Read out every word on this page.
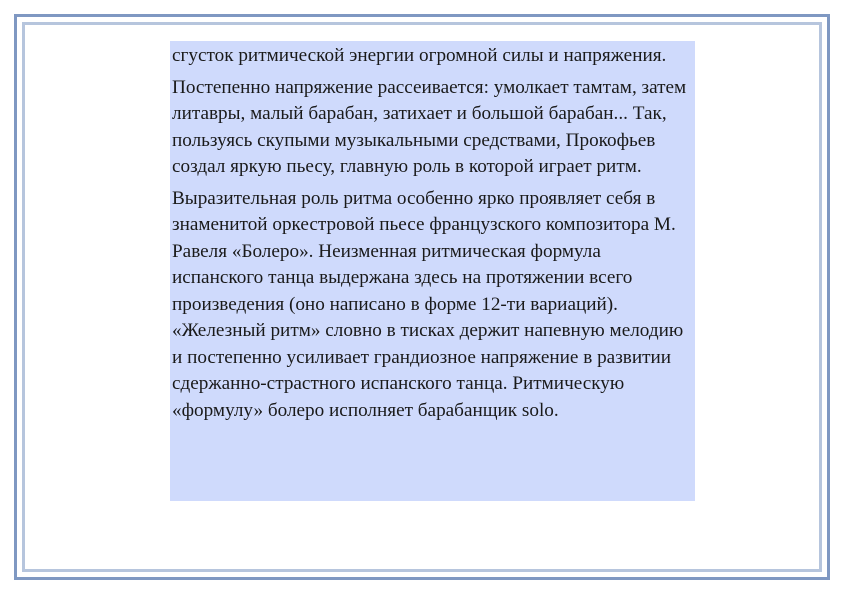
сгусток ритмической энергии огромной силы и напряжения.

Постепенно напряжение рассеивается: умолкает тамтам, затем литавры, малый барабан, затихает и большой барабан... Так, пользуясь скупыми музыкальными средствами, Прокофьев создал яркую пьесу, главную роль в которой играет ритм.

Выразительная роль ритма особенно ярко проявляет себя в знаменитой оркестровой пьесе французского композитора М. Равеля «Болеро». Неизменная ритмическая формула испанского танца выдержана здесь на протяжении всего произведения (оно написано в форме 12-ти вариаций). «Железный ритм» словно в тисках держит напевную мелодию и постепенно усиливает грандиозное напряжение в развитии сдержанно-страстного испанского танца. Ритмическую «формулу» болеро исполняет барабанщик solo.
